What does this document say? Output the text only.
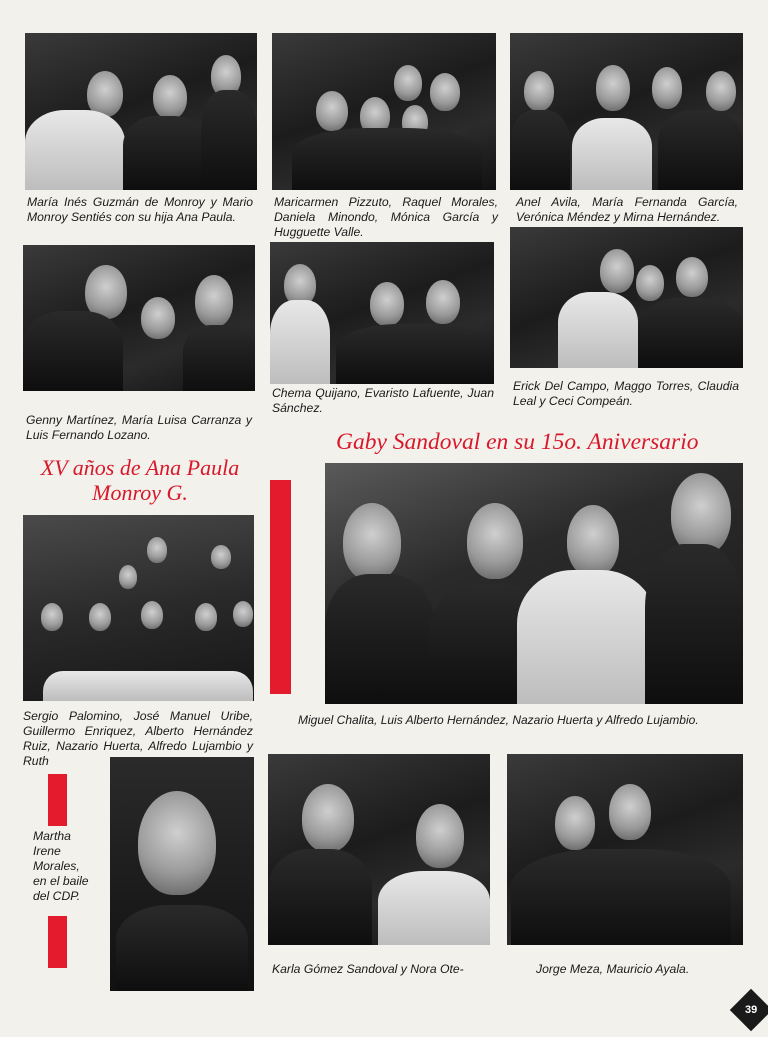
María Inés Guzmán de Monroy y Mario Monroy Sentiés con su hija Ana Paula.

Maricarmen Pizzuto, Raquel Morales, Daniela Minondo, Mónica García y Hugguette Valle.

Anel Avila, María Fernanda García, Verónica Méndez y Mirna Hernández.

Genny Martínez, María Luisa Carranza y Luis Fernando Lozano.

Chema Quijano, Evaristo Lafuente, Juan Sánchez.

Erick Del Campo, Maggo Torres, Claudia Leal y Ceci Compeán.

Gaby Sandoval en su 15o. Aniversario
XV años de Ana Paula Monroy G.

Miguel Chalita, Luis Alberto Hernández, Nazario Huerta y Alfredo Lujambio.

Sergio Palomino, José Manuel Uribe, Guillermo Enriquez, Alberto Hernández Ruiz, Nazario Huerta, Alfredo Lujambio y Ruth

Martha Irene Morales, en el baile del CDP.

Karla Gómez Sandoval y Nora Ote-	Jorge Meza, Mauricio Ayala.

39
